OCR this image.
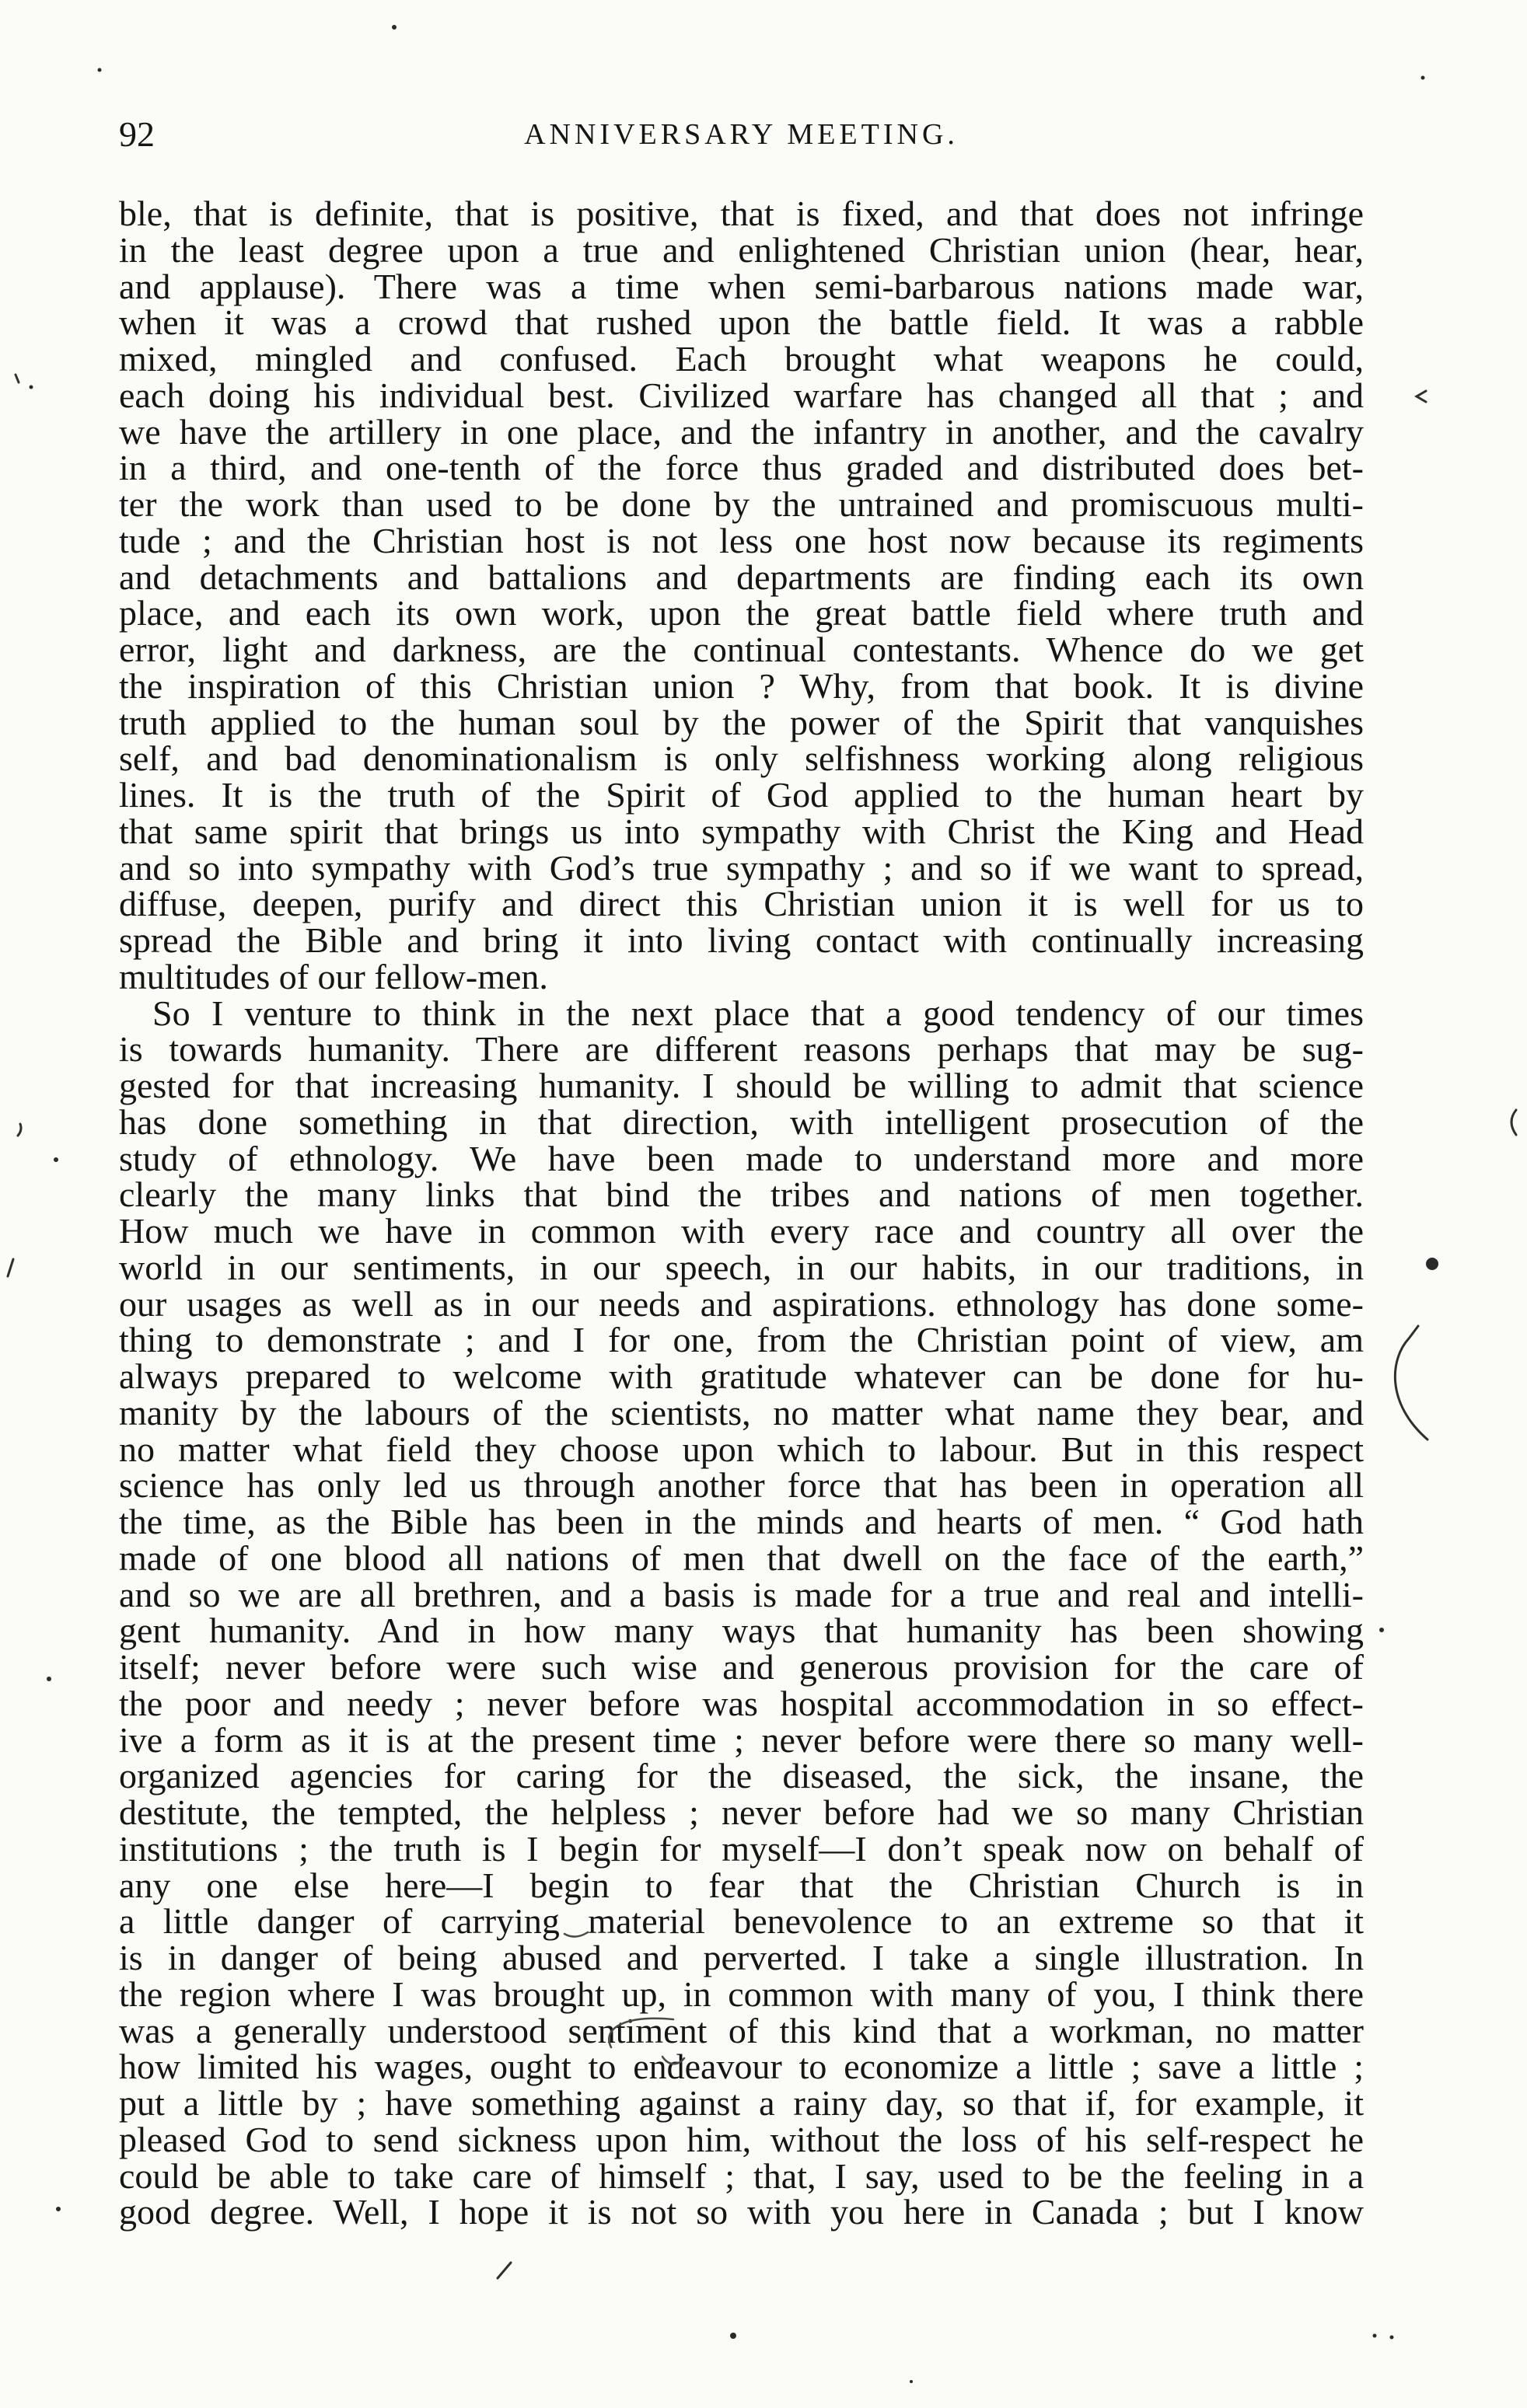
92	ANNIVERSARY MEETING.
ble, that is definite, that is positive, that is fixed, and that does not infringe
in the least degree upon a true and enlightened Christian union (hear, hear,
and applause). There was a time when semi-barbarous nations made war,
when it was a crowd that rushed upon the battle field. It was a rabble
mixed, mingled and confused. Each brought what weapons he could,
each doing his individual best. Civilized warfare has changed all that ; and
we have the artillery in one place, and the infantry in another, and the cavalry
in a third, and one-tenth of the force thus graded and distributed does bet-
ter the work than used to be done by the untrained and promiscuous multi-
tude ; and the Christian host is not less one host now because its regiments
and detachments and battalions and departments are finding each its own
place, and each its own work, upon the great battle field where truth and
error, light and darkness, are the continual contestants. Whence do we get
the inspiration of this Christian union ? Why, from that book. It is divine
truth applied to the human soul by the power of the Spirit that vanquishes
self, and bad denominationalism is only selfishness working along religious
lines. It is the truth of the Spirit of God applied to the human heart by
that same spirit that brings us into sympathy with Christ the King and Head
and so into sympathy with God’s true sympathy ; and so if we want to spread,
diffuse, deepen, purify and direct this Christian union it is well for us to
spread the Bible and bring it into living contact with continually increasing
multitudes of our fellow-men.
So I venture to think in the next place that a good tendency of our times
is towards humanity. There are different reasons perhaps that may be sug-
gested for that increasing humanity. I should be willing to admit that science
has done something in that direction, with intelligent prosecution of the
study of ethnology. We have been made to understand more and more
clearly the many links that bind the tribes and nations of men together.
How much we have in common with every race and country all over the
world in our sentiments, in our speech, in our habits, in our traditions, in
our usages as well as in our needs and aspirations. ethnology has done some-
thing to demonstrate ; and I for one, from the Christian point of view, am
always prepared to welcome with gratitude whatever can be done for hu-
manity by the labours of the scientists, no matter what name they bear, and
no matter what field they choose upon which to labour. But in this respect
science has only led us through another force that has been in operation all
the time, as the Bible has been in the minds and hearts of men. “ God hath
made of one blood all nations of men that dwell on the face of the earth,”
and so we are all brethren, and a basis is made for a true and real and intelli-
gent humanity. And in how many ways that humanity has been showing
itself; never before were such wise and generous provision for the care of
the poor and needy ; never before was hospital accommodation in so effect-
ive a form as it is at the present time ; never before were there so many well-
organized agencies for caring for the diseased, the sick, the insane, the
destitute, the tempted, the helpless ; never before had we so many Christian
institutions ; the truth is I begin for myself—I don’t speak now on behalf of
any one else here—I begin to fear that the Christian Church is in
a little danger of carrying material benevolence to an extreme so that it
is in danger of being abused and perverted. I take a single illustration. In
the region where I was brought up, in common with many of you, I think there
was a generally understood sentiment of this kind that a workman, no matter
how limited his wages, ought to endeavour to economize a little ; save a little ;
put a little by ; have something against a rainy day, so that if, for example, it
pleased God to send sickness upon him, without the loss of his self-respect he
could be able to take care of himself ; that, I say, used to be the feeling in a
good degree. Well, I hope it is not so with you here in Canada ; but I know
